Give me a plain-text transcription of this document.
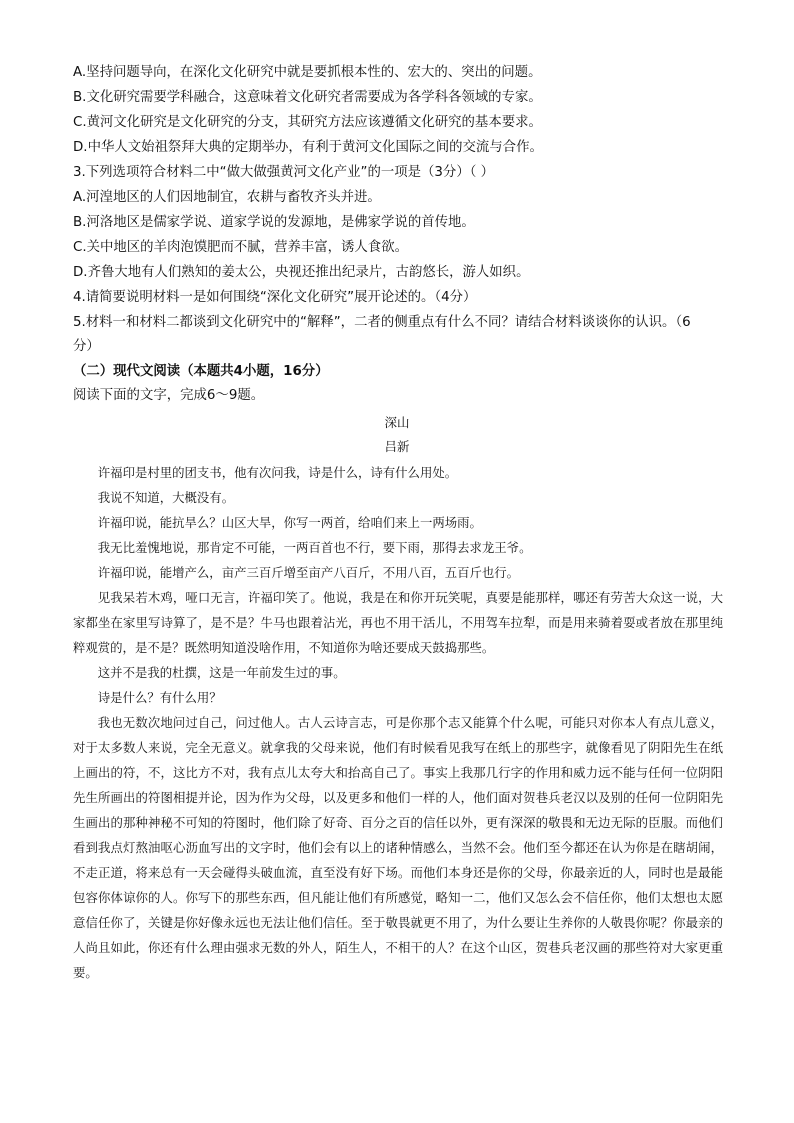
A.坚持问题导向，在深化文化研究中就是要抓根本性的、宏大的、突出的问题。
B.文化研究需要学科融合，这意味着文化研究者需要成为各学科各领域的专家。
C.黄河文化研究是文化研究的分支，其研究方法应该遵循文化研究的基本要求。
D.中华人文始祖祭拜大典的定期举办，有利于黄河文化国际之间的交流与合作。
3.下列选项符合材料二中“做大做强黄河文化产业”的一项是（3分）（ ）
A.河湟地区的人们因地制宜，农耕与畜牧齐头并进。
B.河洛地区是儒家学说、道家学说的发源地，是佛家学说的首传地。
C.关中地区的羊肉泡馍肥而不腻，营养丰富，诱人食欲。
D.齐鲁大地有人们熟知的姜太公，央视还推出纪录片，古韵悠长，游人如织。
4.请简要说明材料一是如何围绕“深化文化研究”展开论述的。（4分）
5.材料一和材料二都谈到文化研究中的“解释”，二者的侧重点有什么不同？请结合材料谈谈你的认识。（6
分）
（二）现代文阅读（本题共4小题，16分）
阅读下面的文字，完成6～9题。
深山
吕新

许福印是村里的团支书，他有次问我，诗是什么，诗有什么用处。

我说不知道，大概没有。

许福印说，能抗旱么？山区大旱，你写一两首，给咱们来上一两场雨。

我无比羞愧地说，那肯定不可能，一两百首也不行，要下雨，那得去求龙王爷。

许福印说，能增产么，亩产三百斤增至亩产八百斤，不用八百，五百斤也行。

见我呆若木鸡，哑口无言，许福印笑了。他说，我是在和你开玩笑呢，真要是能那样，哪还有劳苦大众这一说，大家都坐在家里写诗算了，是不是？牛马也跟着沾光，再也不用干活儿，不用驾车拉犁，而是用来骑着耍或者放在那里纯粹观赏的，是不是？既然明知道没啥作用，不知道你为啥还要成天鼓捣那些。

这并不是我的杜撰，这是一年前发生过的事。

诗是什么？有什么用？

我也无数次地问过自己，问过他人。古人云诗言志，可是你那个志又能算个什么呢，可能只对你本人有点儿意义，对于太多数人来说，完全无意义。就拿我的父母来说，他们有时候看见我写在纸上的那些字，就像看见了阴阳先生在纸上画出的符，不，这比方不对，我有点儿太夸大和抬高自己了。事实上我那几行字的作用和威力远不能与任何一位阴阳先生所画出的符图相提并论，因为作为父母，以及更多和他们一样的人，他们面对贺巷兵老汉以及别的任何一位阴阳先生画出的那种神秘不可知的符图时，他们除了好奇、百分之百的信任以外，更有深深的敬畏和无边无际的臣服。而他们看到我点灯熬油呕心沥血写出的文字时，他们会有以上的诸种情感么，当然不会。他们至今都还在认为你是在瞎胡闹，不走正道，将来总有一天会碰得头破血流，直至没有好下场。而他们本身还是你的父母，你最亲近的人，同时也是最能包容你体谅你的人。你写下的那些东西，但凡能让他们有所感觉，略知一二，他们又怎么会不信任你，他们太想也太愿意信任你了，关键是你好像永远也无法让他们信任。至于敬畏就更不用了，为什么要让生养你的人敬畏你呢？你最亲的人尚且如此，你还有什么理由强求无数的外人，陌生人，不相干的人？在这个山区，贺巷兵老汉画的那些符对大家更重要。
